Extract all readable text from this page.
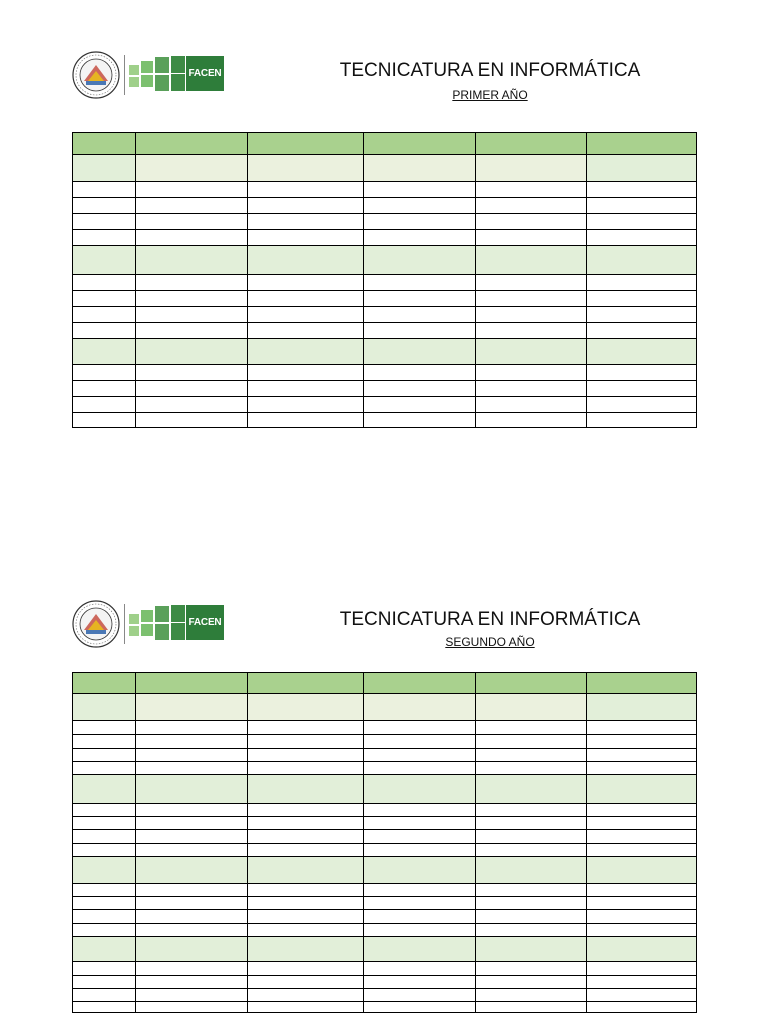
FACEN	TECNICATURA EN INFORMÁTICA
PRIMER AÑO
FACEN	TECNICATURA EN INFORMÁTICA
SEGUNDO AÑO
